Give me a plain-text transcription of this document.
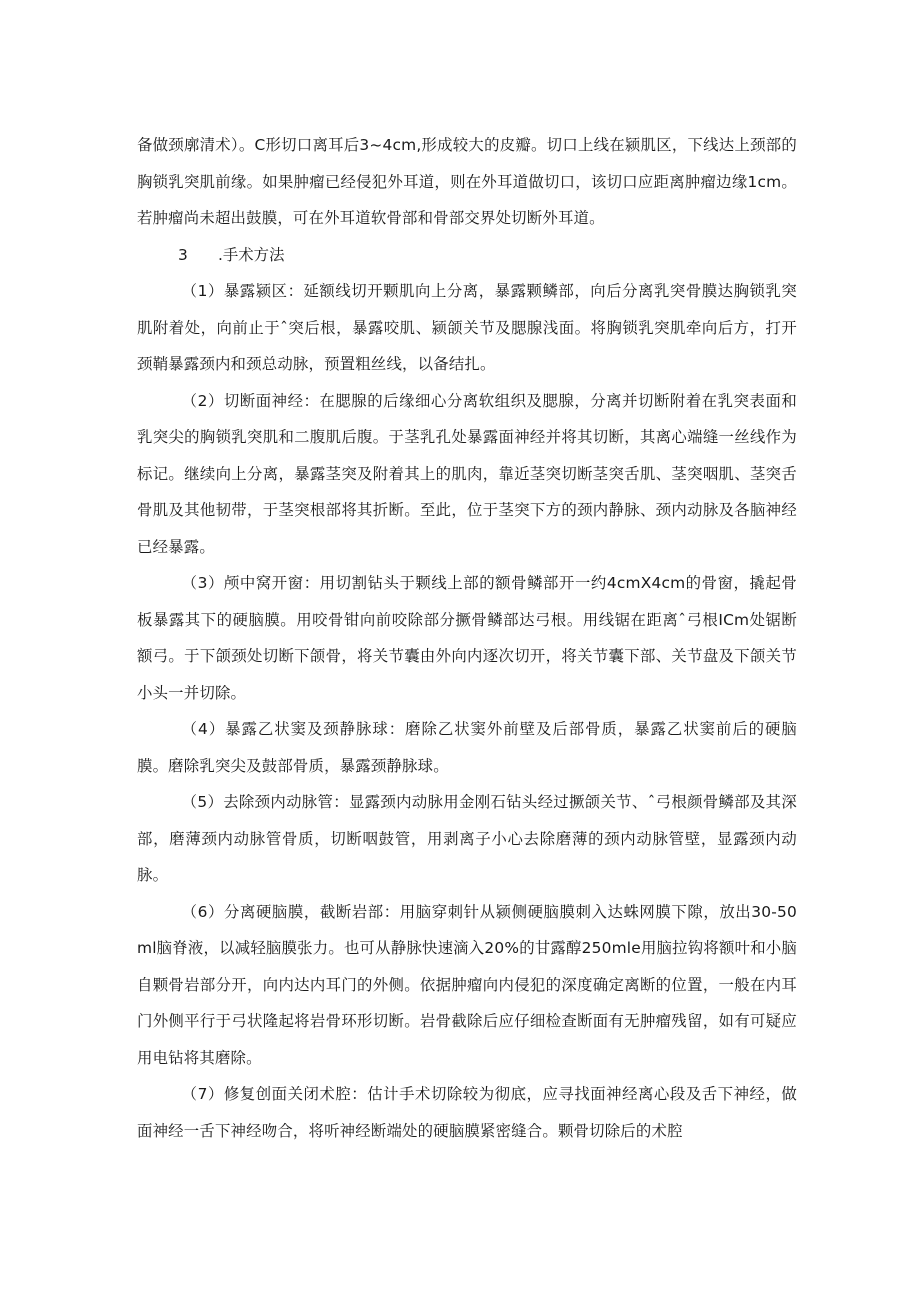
备做颈廓清术）。C形切口离耳后3~4cm,形成较大的皮瓣。切口上线在颍肌区，下线达上颈部的胸锁乳突肌前缘。如果肿瘤已经侵犯外耳道，则在外耳道做切口，该切口应距离肿瘤边缘1cm。若肿瘤尚未超出鼓膜，可在外耳道软骨部和骨部交界处切断外耳道。

3 .手术方法

（1）暴露颍区：延额线切开颗肌向上分离，暴露颗鳞部，向后分离乳突骨膜达胸锁乳突肌附着处，向前止于ˆ突后根，暴露咬肌、颍颌关节及腮腺浅面。将胸锁乳突肌牵向后方，打开颈鞘暴露颈内和颈总动脉，预置粗丝线，以备结扎。

（2）切断面神经：在腮腺的后缘细心分离软组织及腮腺，分离并切断附着在乳突表面和乳突尖的胸锁乳突肌和二腹肌后腹。于茎乳孔处暴露面神经并将其切断，其离心端缝一丝线作为标记。继续向上分离，暴露茎突及附着其上的肌肉，靠近茎突切断茎突舌肌、茎突咽肌、茎突舌骨肌及其他韧带，于茎突根部将其折断。至此，位于茎突下方的颈内静脉、颈内动脉及各脑神经已经暴露。

（3）颅中窝开窗：用切割钻头于颗线上部的额骨鳞部开一约4cmX4cm的骨窗，撬起骨板暴露其下的硬脑膜。用咬骨钳向前咬除部分撅骨鳞部达弓根。用线锯在距离ˆ弓根ICm处锯断额弓。于下颌颈处切断下颌骨，将关节囊由外向内逐次切开，将关节囊下部、关节盘及下颌关节小头一并切除。

（4）暴露乙状窦及颈静脉球：磨除乙状窦外前壁及后部骨质，暴露乙状窦前后的硬脑膜。磨除乳突尖及鼓部骨质，暴露颈静脉球。

（5）去除颈内动脉管：显露颈内动脉用金刚石钻头经过撅颌关节、ˆ弓根颜骨鳞部及其深部，磨薄颈内动脉管骨质，切断咽鼓管，用剥离子小心去除磨薄的颈内动脉管壁，显露颈内动脉。

（6）分离硬脑膜，截断岩部：用脑穿刺针从颍侧硬脑膜刺入达蛛网膜下隙，放出30-50ml脑脊液，以减轻脑膜张力。也可从静脉快速滴入20%的甘露醇250mle用脑拉钩将额叶和小脑自颗骨岩部分开，向内达内耳门的外侧。依据肿瘤向内侵犯的深度确定离断的位置，一般在内耳门外侧平行于弓状隆起将岩骨环形切断。岩骨截除后应仔细检查断面有无肿瘤残留，如有可疑应用电钻将其磨除。

（7）修复创面关闭术腔：估计手术切除较为彻底，应寻找面神经离心段及舌下神经，做面神经一舌下神经吻合，将听神经断端处的硬脑膜紧密缝合。颗骨切除后的术腔
